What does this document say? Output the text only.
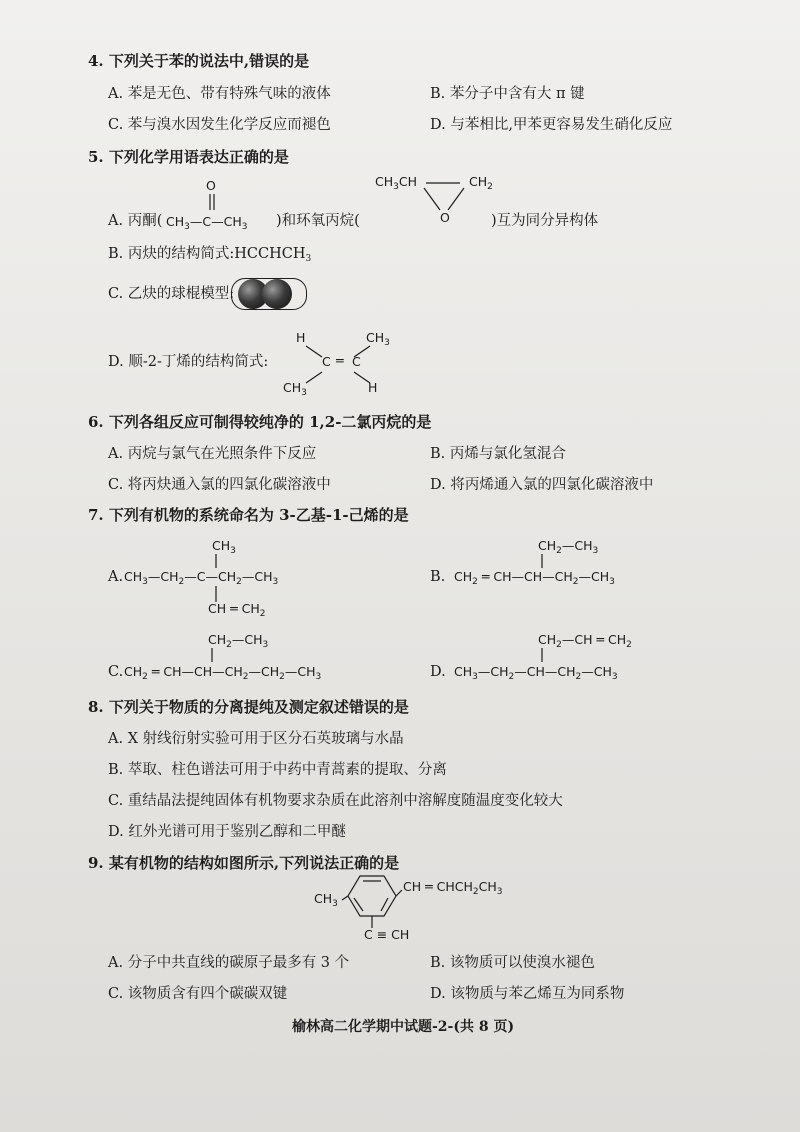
4. 下列关于苯的说法中,错误的是
A. 苯是无色、带有特殊气味的液体	B. 苯分子中含有大 π 键
C. 苯与溴水因发生化学反应而褪色	D. 与苯相比,甲苯更容易发生硝化反应
5. 下列化学用语表达正确的是
A. 丙酮(
O
$CH_3—C—CH_3$ )和环氧丙烷(
$CH_3CH$	$CH_2$
O	)互为同分异构体
B. 丙炔的结构简式$:HCCHCH_3$
C. 乙炔的球棍模型:
D. 顺-2-丁烯的结构简式:
H	$CH_3$
C ═ C
$CH_3$	H
6. 下列各组反应可制得较纯净的 1,2-二氯丙烷的是
A. 丙烷与氯气在光照条件下反应	B. 丙烯与氯化氢混合
C. 将丙炔通入氯的四氯化碳溶液中	D. 将丙烯通入氯的四氯化碳溶液中
7. 下列有机物的系统命名为 3-乙基-1-己烯的是
A.
$CH_3$
$CH_3—CH_2—C—CH_2—CH_3$
CH ═ $CH_2$
B.
$CH_2—CH_3$
$CH_2$ ═ $CH—CH—CH_2—CH_3$
C.
$CH_2—CH_3$
$CH_2$ ═ $CH—CH—CH_2—CH_2—CH_3$	D.
$CH_2—CH$ ═ $CH_2$
$CH_3—CH_2—CH—CH_2—CH_3$
8. 下列关于物质的分离提纯及测定叙述错误的是
A. X 射线衍射实验可用于区分石英玻璃与水晶
B. 萃取、柱色谱法可用于中药中青蒿素的提取、分离
C. 重结晶法提纯固体有机物要求杂质在此溶剂中溶解度随温度变化较大
D. 红外光谱可用于鉴别乙醇和二甲醚
9. 某有机物的结构如图所示,下列说法正确的是
CH ═ $CHCH_2CH_3$
$CH_3$
C ≡ CH
A. 分子中共直线的碳原子最多有 3 个	B. 该物质可以使溴水褪色
C. 该物质含有四个碳碳双键	D. 该物质与苯乙烯互为同系物
榆林高二化学期中试题-2-(共 8 页)
